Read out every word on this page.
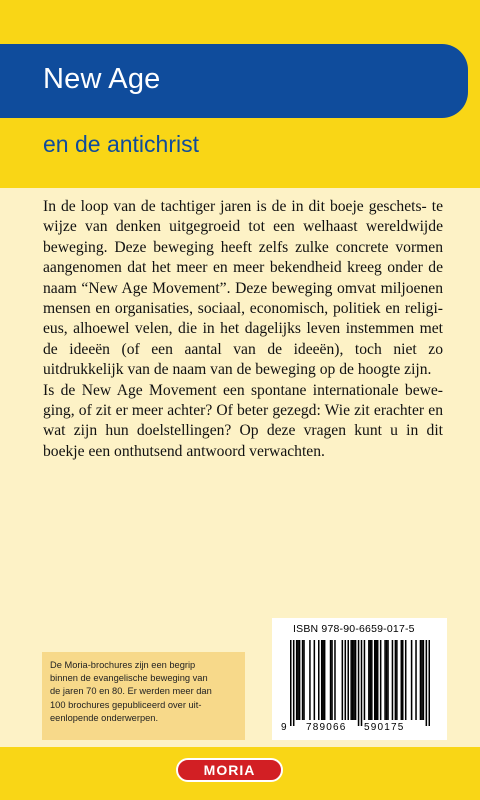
New Age
en de antichrist

In de loop van de tachtiger jaren is de in dit boeje geschets- te wijze van denken uitgegroeid tot een welhaast wereldwijde beweging. Deze beweging heeft zelfs zulke concrete vormen aangenomen dat het meer en meer bekendheid kreeg onder de naam “New Age Movement”. Deze beweging omvat miljoenen mensen en organisaties, sociaal, economisch, politiek en religi- eus, alhoewel velen, die in het dagelijks leven instemmen met de ideeën (of een aantal van de ideeën), toch niet zo uitdrukkelijk van de naam van de beweging op de hoogte zijn.

Is de New Age Movement een spontane internationale bewe- ging, of zit er meer achter? Of beter gezegd: Wie zit erachter en wat zijn hun doelstellingen? Op deze vragen kunt u in dit boekje een onthutsend antwoord verwachten.

De Moria-brochures zijn een begrip
binnen de evangelische beweging van
de jaren 70 en 80. Er werden meer dan
100 brochures gepubliceerd over uit-
eenlopende onderwerpen.
ISBN 978-90-6659-017-5
9 789066 590175
MORIA
